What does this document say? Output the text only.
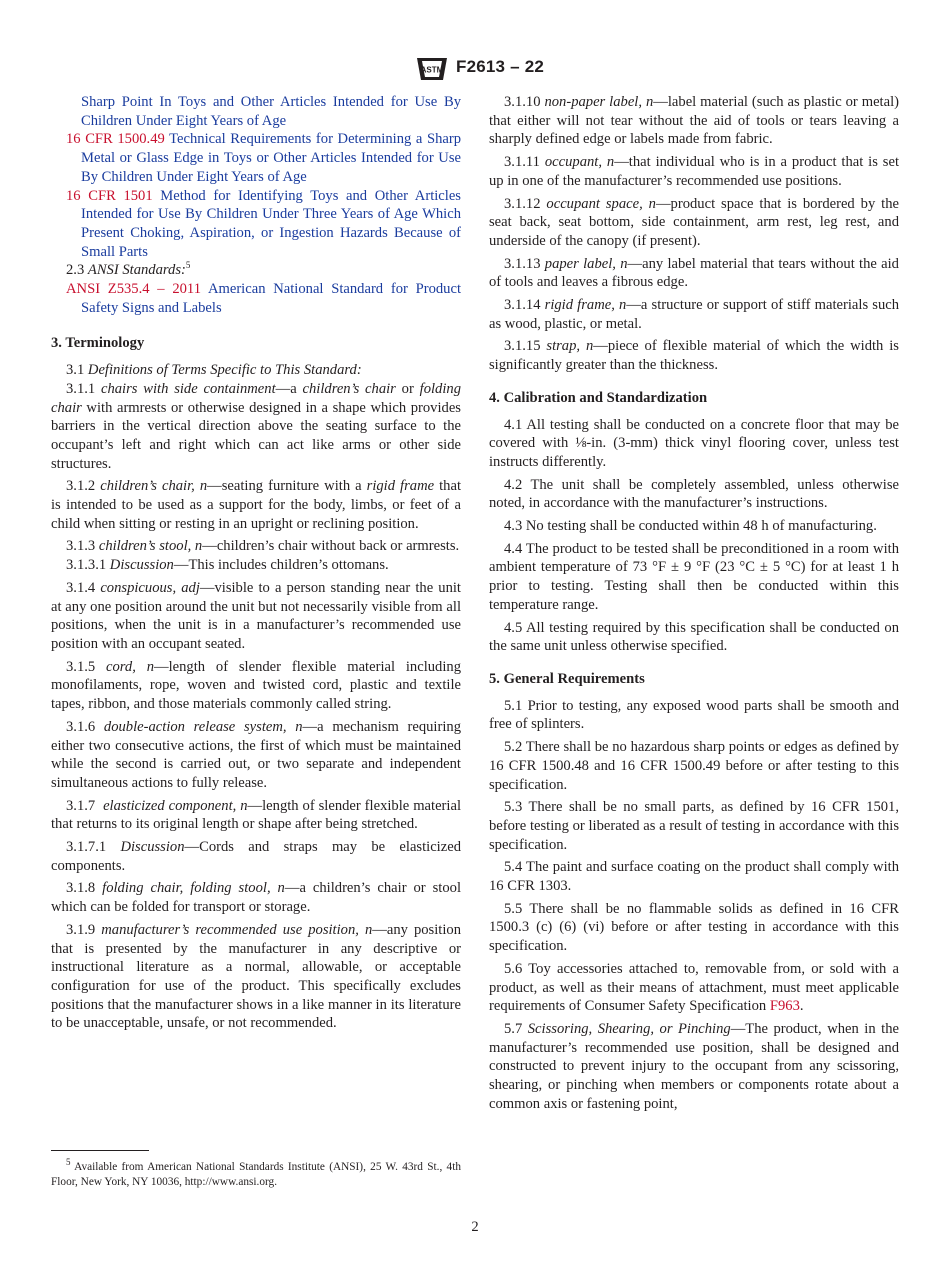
ASTM F2613 – 22

Sharp Point In Toys and Other Articles Intended for Use By Children Under Eight Years of Age

16 CFR 1500.49 Technical Requirements for Determining a Sharp Metal or Glass Edge in Toys or Other Articles Intended for Use By Children Under Eight Years of Age

16 CFR 1501 Method for Identifying Toys and Other Articles Intended for Use By Children Under Three Years of Age Which Present Choking, Aspiration, or Ingestion Hazards Because of Small Parts

2.3 ANSI Standards:$^5$

ANSI Z535.4 – 2011 American National Standard for Product Safety Signs and Labels

3. Terminology

3.1 Definitions of Terms Specific to This Standard:

3.1.1 chairs with side containment—a children’s chair or folding chair with armrests or otherwise designed in a shape which provides barriers in the vertical direction above the seating surface to the occupant’s left and right which can act like arms or other side structures.

3.1.2 children’s chair, n—seating furniture with a rigid frame that is intended to be used as a support for the body, limbs, or feet of a child when sitting or resting in an upright or reclining position.

3.1.3 children’s stool, n—children’s chair without back or armrests.

3.1.3.1 Discussion—This includes children’s ottomans.

3.1.4 conspicuous, adj—visible to a person standing near the unit at any one position around the unit but not necessarily visible from all positions, when the unit is in a manufacturer’s recommended use position with an occupant seated.

3.1.5 cord, n—length of slender flexible material including monofilaments, rope, woven and twisted cord, plastic and textile tapes, ribbon, and those materials commonly called string.

3.1.6 double-action release system, n—a mechanism requiring either two consecutive actions, the first of which must be maintained while the second is carried out, or two separate and independent simultaneous actions to fully release.

3.1.7 elasticized component, n—length of slender flexible material that returns to its original length or shape after being stretched.

3.1.7.1 Discussion—Cords and straps may be elasticized components.

3.1.8 folding chair, folding stool, n—a children’s chair or stool which can be folded for transport or storage.

3.1.9 manufacturer’s recommended use position, n—any position that is presented by the manufacturer in any descriptive or instructional literature as a normal, allowable, or acceptable configuration for use of the product. This specifically excludes positions that the manufacturer shows in a like manner in its literature to be unacceptable, unsafe, or not recommended.

3.1.10 non-paper label, n—label material (such as plastic or metal) that either will not tear without the aid of tools or tears leaving a sharply defined edge or labels made from fabric.

3.1.11 occupant, n—that individual who is in a product that is set up in one of the manufacturer’s recommended use positions.

3.1.12 occupant space, n—product space that is bordered by the seat back, seat bottom, side containment, arm rest, leg rest, and underside of the canopy (if present).

3.1.13 paper label, n—any label material that tears without the aid of tools and leaves a fibrous edge.

3.1.14 rigid frame, n—a structure or support of stiff materials such as wood, plastic, or metal.

3.1.15 strap, n—piece of flexible material of which the width is significantly greater than the thickness.

4. Calibration and Standardization

4.1 All testing shall be conducted on a concrete floor that may be covered with ⅛-in. (3-mm) thick vinyl flooring cover, unless test instructs differently.

4.2 The unit shall be completely assembled, unless otherwise noted, in accordance with the manufacturer’s instructions.

4.3 No testing shall be conducted within 48 h of manufacturing.

4.4 The product to be tested shall be preconditioned in a room with ambient temperature of 73 °F ± 9 °F (23 °C ± 5 °C) for at least 1 h prior to testing. Testing shall then be conducted within this temperature range.

4.5 All testing required by this specification shall be conducted on the same unit unless otherwise specified.

5. General Requirements

5.1 Prior to testing, any exposed wood parts shall be smooth and free of splinters.

5.2 There shall be no hazardous sharp points or edges as defined by 16 CFR 1500.48 and 16 CFR 1500.49 before or after testing to this specification.

5.3 There shall be no small parts, as defined by 16 CFR 1501, before testing or liberated as a result of testing in accordance with this specification.

5.4 The paint and surface coating on the product shall comply with 16 CFR 1303.

5.5 There shall be no flammable solids as defined in 16 CFR 1500.3 (c) (6) (vi) before or after testing in accordance with this specification.

5.6 Toy accessories attached to, removable from, or sold with a product, as well as their means of attachment, must meet applicable requirements of Consumer Safety Specification F963.

5.7 Scissoring, Shearing, or Pinching—The product, when in the manufacturer’s recommended use position, shall be designed and constructed to prevent injury to the occupant from any scissoring, shearing, or pinching when members or components rotate about a common axis or fastening point,

$^5$ Available from American National Standards Institute (ANSI), 25 W. 43rd St., 4th Floor, New York, NY 10036, http://www.ansi.org.
2
